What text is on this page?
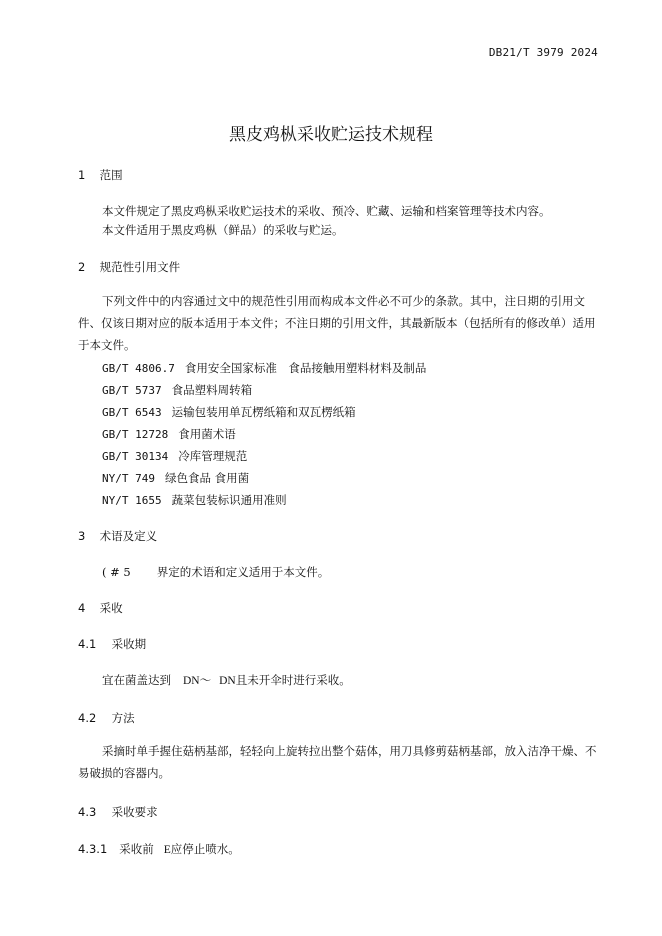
DB21/T 3979 2024
黑皮鸡枞采收贮运技术规程
1 范围
本文件规定了黑皮鸡枞采收贮运技术的采收、预冷、贮藏、运输和档案管理等技术内容。
本文件适用于黑皮鸡枞（鲜品）的采收与贮运。
2 规范性引用文件
下列文件中的内容通过文中的规范性引用而构成本文件必不可少的条款。其中，注日期的引用文件、仅该日期对应的版本适用于本文件；不注日期的引用文件，其最新版本（包括所有的修改单）适用于本文件。
GB/T 4806.7 食用安全国家标准　食品接触用塑料材料及制品
GB/T 5737 食品塑料周转箱
GB/T 6543 运输包装用单瓦楞纸箱和双瓦楞纸箱
GB/T 12728 食用菌术语
GB/T 30134 冷库管理规范
NY/T 749 绿色食品 食用菌
NY/T 1655 蔬菜包装标识通用准则
3 术语及定义
( # 5 界定的术语和定义适用于本文件。
4 采收
4.1 采收期
宜在菌盖达到 DN～ DN且未开伞时进行采收。
4.2 方法
采摘时单手握住菇柄基部，轻轻向上旋转拉出整个菇体，用刀具修剪菇柄基部，放入洁净干燥、不易破损的容器内。
4.3 采收要求
4.3.1 采收前 E应停止喷水。
